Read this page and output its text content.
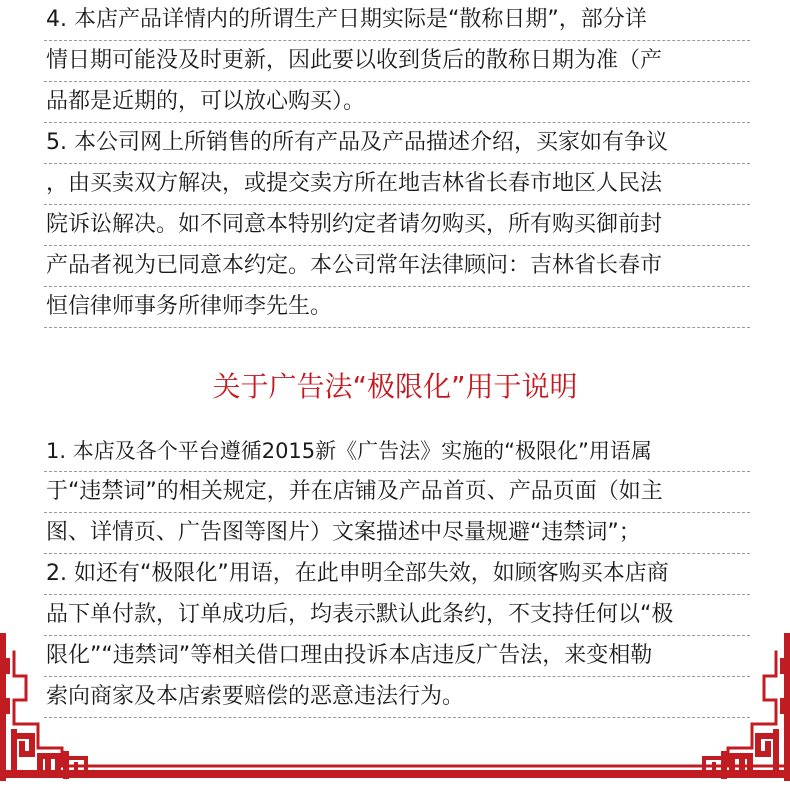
4. 本店产品详情内的所谓生产日期实际是“散称日期”，部分详
情日期可能没及时更新，因此要以收到货后的散称日期为准（产
品都是近期的，可以放心购买）。
5. 本公司网上所销售的所有产品及产品描述介绍，买家如有争议
，由买卖双方解决，或提交卖方所在地吉林省长春市地区人民法
院诉讼解决。如不同意本特别约定者请勿购买，所有购买御前封
产品者视为已同意本约定。本公司常年法律顾问：吉林省长春市
恒信律师事务所律师李先生。
关于广告法“极限化”用于说明
1. 本店及各个平台遵循2015新《广告法》实施的“极限化”用语属
于“违禁词”的相关规定，并在店铺及产品首页、产品页面（如主
图、详情页、广告图等图片）文案描述中尽量规避“违禁词”；
2. 如还有“极限化”用语，在此申明全部失效，如顾客购买本店商
品下单付款，订单成功后，均表示默认此条约，不支持任何以“极
限化”“违禁词”等相关借口理由投诉本店违反广告法，来变相勒
索向商家及本店索要赔偿的恶意违法行为。
